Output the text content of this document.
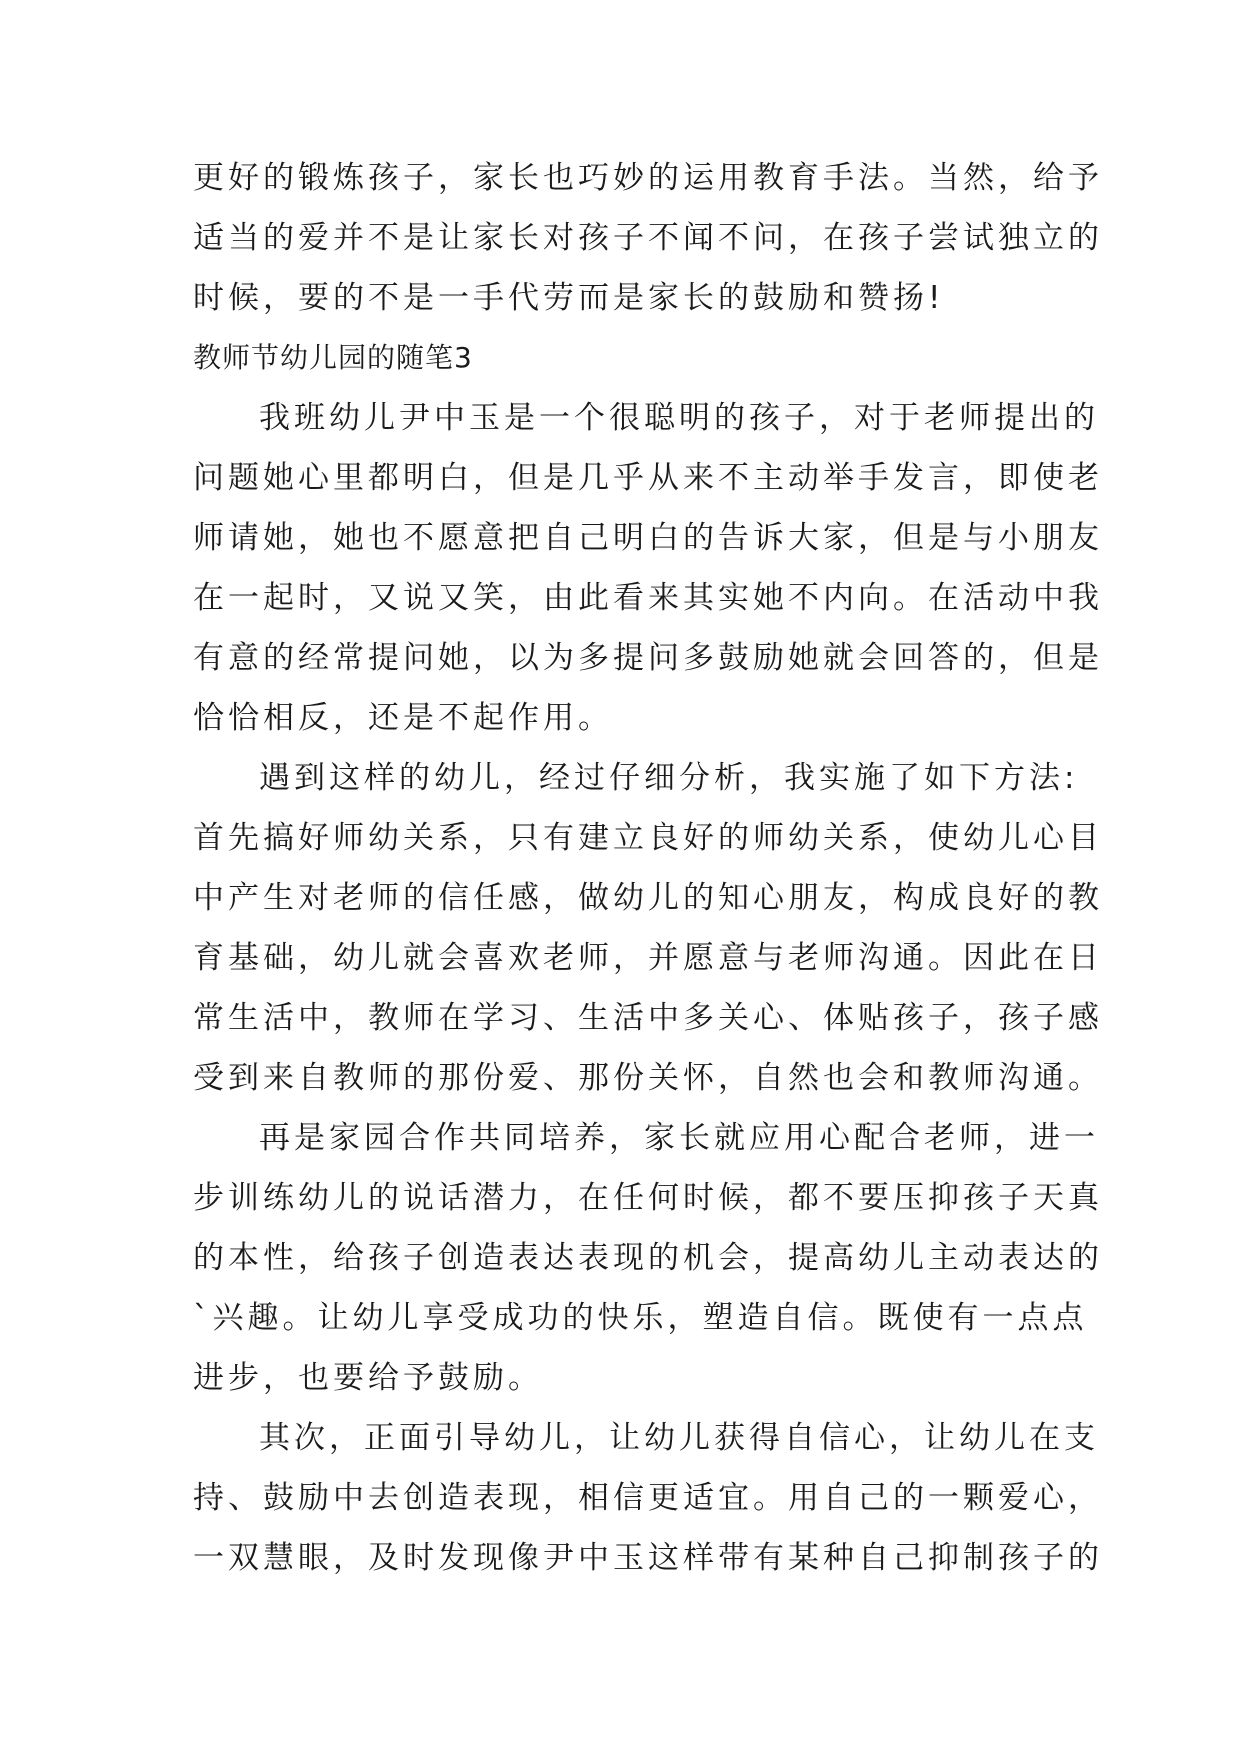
更好的锻炼孩子，家长也巧妙的运用教育手法。当然，给予
适当的爱并不是让家长对孩子不闻不问，在孩子尝试独立的
时候，要的不是一手代劳而是家长的鼓励和赞扬!
教师节幼儿园的随笔3
我班幼儿尹中玉是一个很聪明的孩子，对于老师提出的
问题她心里都明白，但是几乎从来不主动举手发言，即使老
师请她，她也不愿意把自己明白的告诉大家，但是与小朋友
在一起时，又说又笑，由此看来其实她不内向。在活动中我
有意的经常提问她，以为多提问多鼓励她就会回答的，但是
恰恰相反，还是不起作用。
遇到这样的幼儿，经过仔细分析，我实施了如下方法:
首先搞好师幼关系，只有建立良好的师幼关系，使幼儿心目
中产生对老师的信任感，做幼儿的知心朋友，构成良好的教
育基础，幼儿就会喜欢老师，并愿意与老师沟通。因此在日
常生活中，教师在学习、生活中多关心、体贴孩子，孩子感
受到来自教师的那份爱、那份关怀，自然也会和教师沟通。
再是家园合作共同培养，家长就应用心配合老师，进一
步训练幼儿的说话潜力，在任何时候，都不要压抑孩子天真
的本性，给孩子创造表达表现的机会，提高幼儿主动表达的
`兴趣。让幼儿享受成功的快乐，塑造自信。既使有一点点
进步，也要给予鼓励。
其次，正面引导幼儿，让幼儿获得自信心，让幼儿在支
持、鼓励中去创造表现，相信更适宜。用自己的一颗爱心，
一双慧眼，及时发现像尹中玉这样带有某种自己抑制孩子的
